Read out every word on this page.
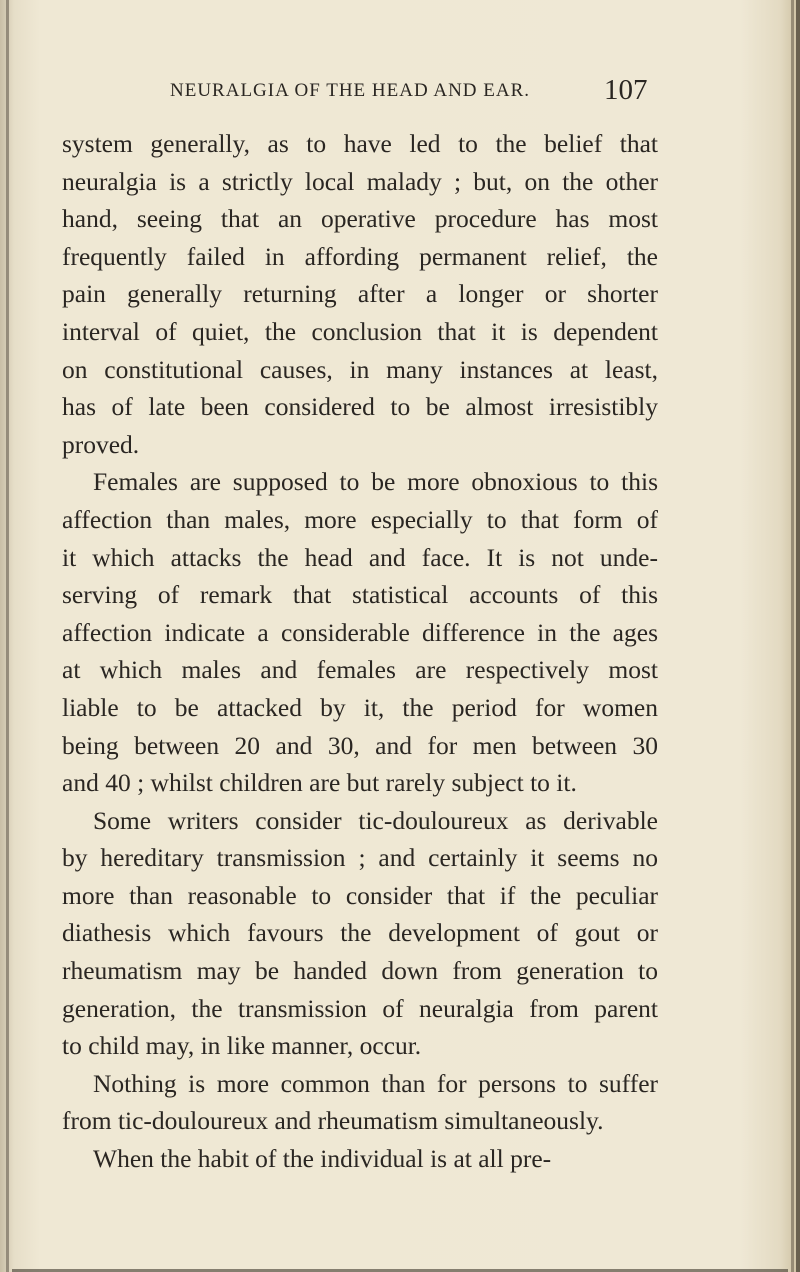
NEURALGIA OF THE HEAD AND EAR.	107
system generally, as to have led to the belief that
neuralgia is a strictly local malady ; but, on the other
hand, seeing that an operative procedure has most
frequently failed in affording permanent relief, the
pain generally returning after a longer or shorter
interval of quiet, the conclusion that it is dependent
on constitutional causes, in many instances at least,
has of late been considered to be almost irresistibly
proved.
Females are supposed to be more obnoxious to this
affection than males, more especially to that form of
it which attacks the head and face. It is not unde-
serving of remark that statistical accounts of this
affection indicate a considerable difference in the ages
at which males and females are respectively most
liable to be attacked by it, the period for women
being between 20 and 30, and for men between 30
and 40 ; whilst children are but rarely subject to it.
Some writers consider tic-douloureux as derivable
by hereditary transmission ; and certainly it seems no
more than reasonable to consider that if the peculiar
diathesis which favours the development of gout or
rheumatism may be handed down from generation to
generation, the transmission of neuralgia from parent
to child may, in like manner, occur.
Nothing is more common than for persons to suffer
from tic-douloureux and rheumatism simultaneously.
When the habit of the individual is at all pre-
